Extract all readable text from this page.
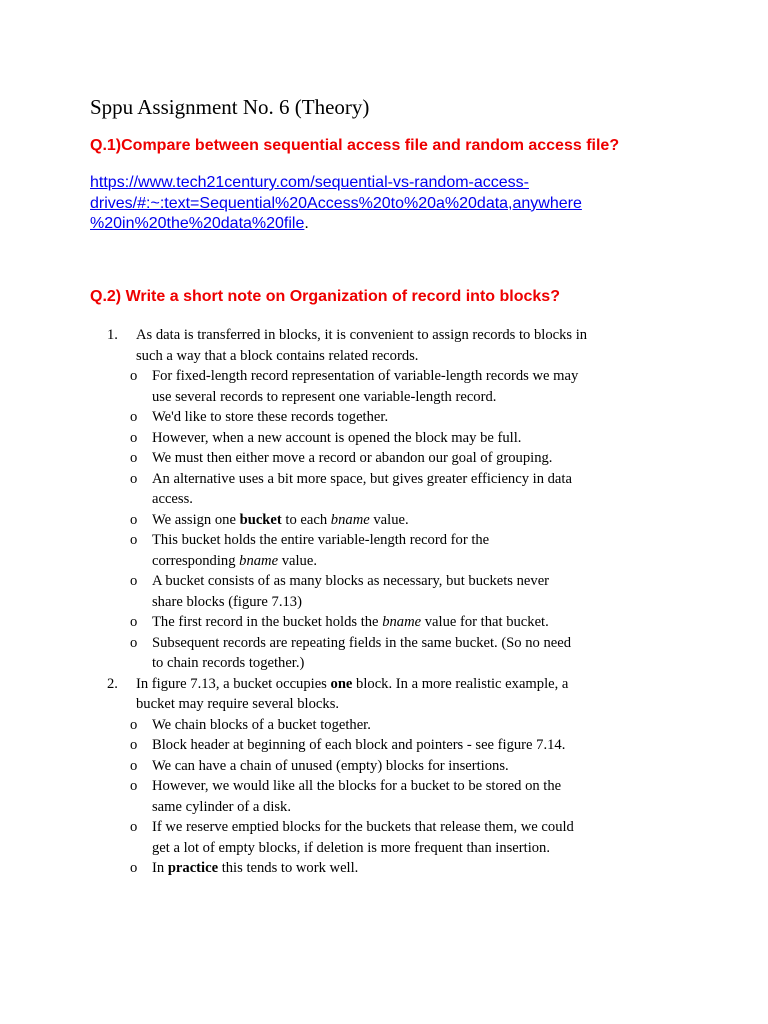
Sppu Assignment No. 6 (Theory)
Q.1)Compare between sequential access file and random access file?
https://www.tech21century.com/sequential-vs-random-access-
drives/#:~:text=Sequential%20Access%20to%20a%20data,anywhere
%20in%20the%20data%20file.
Q.2) Write a short note on Organization of record into blocks?
1. As data is transferred in blocks, it is convenient to assign records to blocks in
such a way that a block contains related records.
o For fixed-length record representation of variable-length records we may
use several records to represent one variable-length record.
o We'd like to store these records together.
o However, when a new account is opened the block may be full.
o We must then either move a record or abandon our goal of grouping.
o An alternative uses a bit more space, but gives greater efficiency in data
access.
o We assign one bucket to each bname value.
o This bucket holds the entire variable-length record for the
corresponding bname value.
o A bucket consists of as many blocks as necessary, but buckets never
share blocks (figure 7.13)
o The first record in the bucket holds the bname value for that bucket.
o Subsequent records are repeating fields in the same bucket. (So no need
to chain records together.)
2. In figure 7.13, a bucket occupies one block. In a more realistic example, a
bucket may require several blocks.
o We chain blocks of a bucket together.
o Block header at beginning of each block and pointers - see figure 7.14.
o We can have a chain of unused (empty) blocks for insertions.
o However, we would like all the blocks for a bucket to be stored on the
same cylinder of a disk.
o If we reserve emptied blocks for the buckets that release them, we could
get a lot of empty blocks, if deletion is more frequent than insertion.
o In practice this tends to work well.
